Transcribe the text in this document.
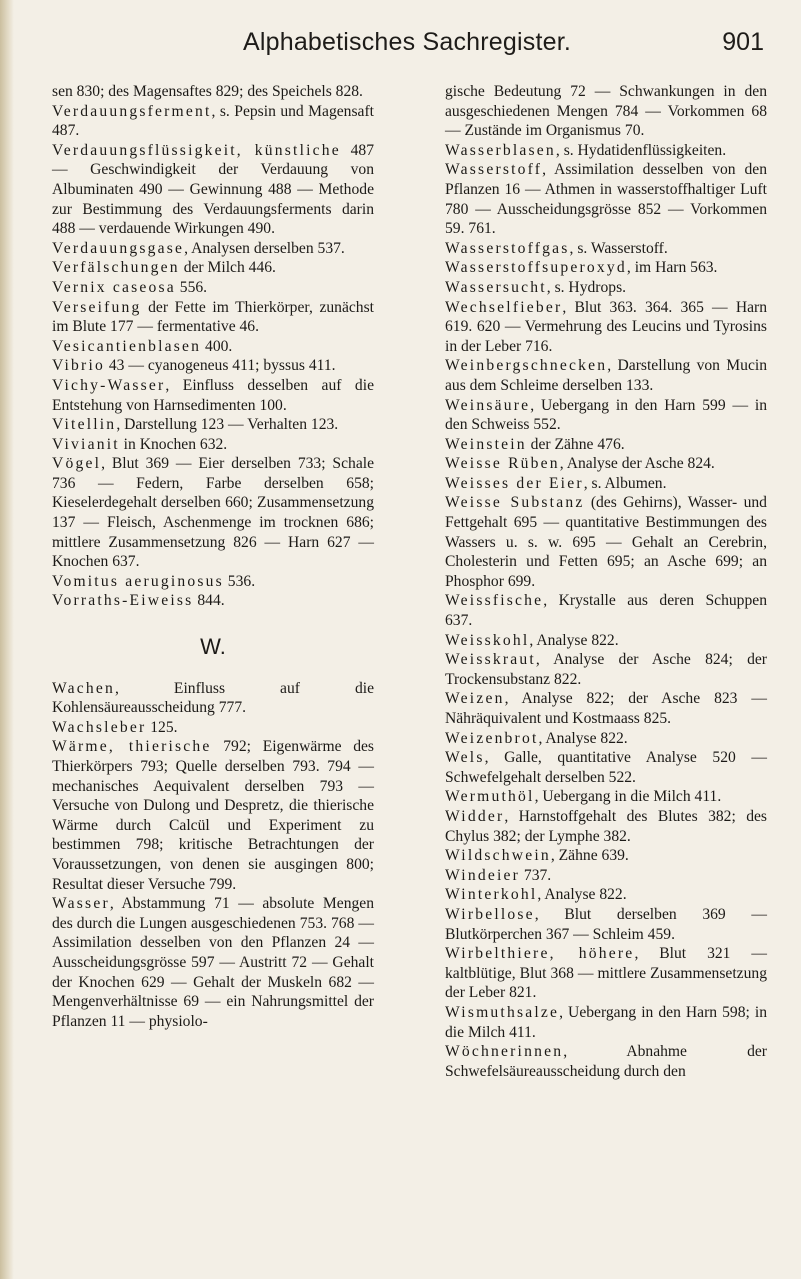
Alphabetisches Sachregister.	901

sen 830; des Magensaftes 829; des Speichels 828.

Verdauungsferment, s. Pepsin und Magensaft 487.

Verdauungsflüssigkeit, künstliche 487 — Geschwindigkeit der Verdauung von Albuminaten 490 — Gewinnung 488 — Methode zur Bestimmung des Verdauungsferments darin 488 — verdauende Wirkungen 490.

Verdauungsgase, Analysen derselben 537.

Verfälschungen der Milch 446.

Vernix caseosa 556.

Verseifung der Fette im Thierkörper, zunächst im Blute 177 — fermentative 46.

Vesicantienblasen 400.

Vibrio 43 — cyanogeneus 411; byssus 411.

Vichy-Wasser, Einfluss desselben auf die Entstehung von Harnsedimenten 100.

Vitellin, Darstellung 123 — Verhalten 123.

Vivianit in Knochen 632.

Vögel, Blut 369 — Eier derselben 733; Schale 736 — Federn, Farbe derselben 658; Kieselerdegehalt derselben 660; Zusammensetzung 137 — Fleisch, Aschenmenge im trocknen 686; mittlere Zusammensetzung 826 — Harn 627 — Knochen 637.

Vomitus aeruginosus 536.

Vorraths-Eiweiss 844.

W.

Wachen, Einfluss auf die Kohlensäureausscheidung 777.

Wachsleber 125.

Wärme, thierische 792; Eigenwärme des Thierkörpers 793; Quelle derselben 793. 794 — mechanisches Aequivalent derselben 793 — Versuche von Dulong und Despretz, die thierische Wärme durch Calcül und Experiment zu bestimmen 798; kritische Betrachtungen der Voraussetzungen, von denen sie ausgingen 800; Resultat dieser Versuche 799.

Wasser, Abstammung 71 — absolute Mengen des durch die Lungen ausgeschiedenen 753. 768 — Assimilation desselben von den Pflanzen 24 — Ausscheidungsgrösse 597 — Austritt 72 — Gehalt der Knochen 629 — Gehalt der Muskeln 682 — Mengenverhältnisse 69 — ein Nahrungsmittel der Pflanzen 11 — physiolo-

gische Bedeutung 72 — Schwankungen in den ausgeschiedenen Mengen 784 — Vorkommen 68 — Zustände im Organismus 70.

Wasserblasen, s. Hydatidenflüssigkeiten.

Wasserstoff, Assimilation desselben von den Pflanzen 16 — Athmen in wasserstoffhaltiger Luft 780 — Ausscheidungsgrösse 852 — Vorkommen 59. 761.

Wasserstoffgas, s. Wasserstoff.

Wasserstoffsuperoxyd, im Harn 563.

Wassersucht, s. Hydrops.

Wechselfieber, Blut 363. 364. 365 — Harn 619. 620 — Vermehrung des Leucins und Tyrosins in der Leber 716.

Weinbergschnecken, Darstellung von Mucin aus dem Schleime derselben 133.

Weinsäure, Uebergang in den Harn 599 — in den Schweiss 552.

Weinstein der Zähne 476.

Weisse Rüben, Analyse der Asche 824.

Weisses der Eier, s. Albumen.

Weisse Substanz (des Gehirns), Wasser- und Fettgehalt 695 — quantitative Bestimmungen des Wassers u. s. w. 695 — Gehalt an Cerebrin, Cholesterin und Fetten 695; an Asche 699; an Phosphor 699.

Weissfische, Krystalle aus deren Schuppen 637.

Weisskohl, Analyse 822.

Weisskraut, Analyse der Asche 824; der Trockensubstanz 822.

Weizen, Analyse 822; der Asche 823 — Nähräquivalent und Kostmaass 825.

Weizenbrot, Analyse 822.

Wels, Galle, quantitative Analyse 520 — Schwefelgehalt derselben 522.

Wermuthöl, Uebergang in die Milch 411.

Widder, Harnstoffgehalt des Blutes 382; des Chylus 382; der Lymphe 382.

Wildschwein, Zähne 639.

Windeier 737.

Winterkohl, Analyse 822.

Wirbellose, Blut derselben 369 — Blutkörperchen 367 — Schleim 459.

Wirbelthiere, höhere, Blut 321 — kaltblütige, Blut 368 — mittlere Zusammensetzung der Leber 821.

Wismuthsalze, Uebergang in den Harn 598; in die Milch 411.

Wöchnerinnen, Abnahme der Schwefelsäureausscheidung durch den
